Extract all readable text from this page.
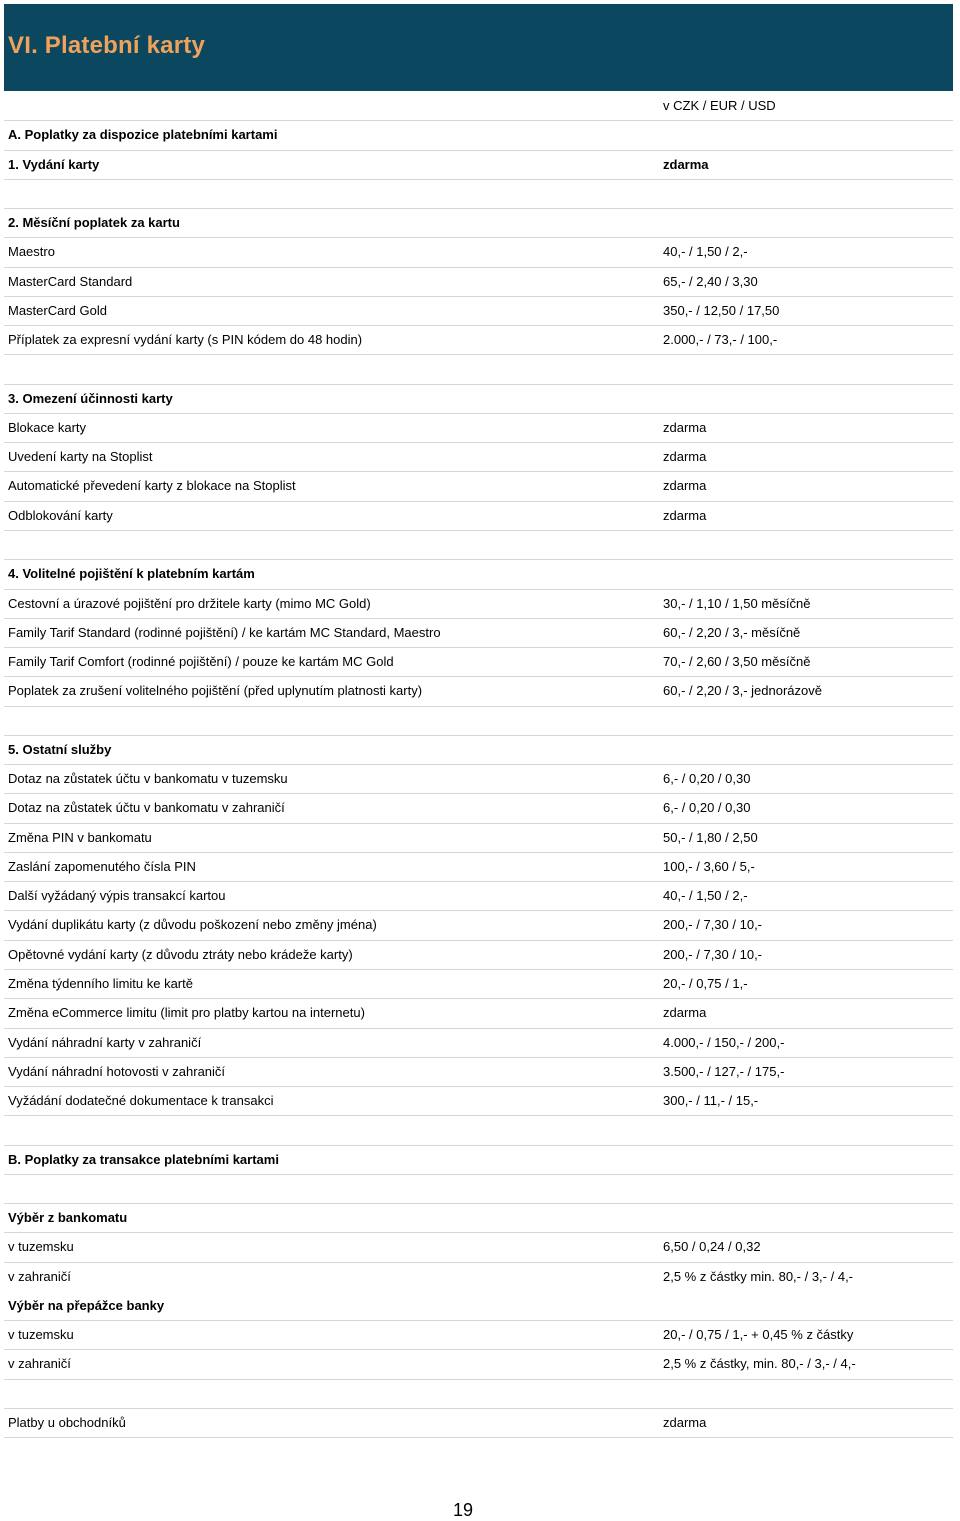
VI. Platební karty
v CZK / EUR / USD
A. Poplatky za dispozice platebními kartami
1. Vydání karty	zdarma
2. Měsíční poplatek za kartu
Maestro	40,- / 1,50 / 2,-
MasterCard Standard	65,- / 2,40 / 3,30
MasterCard Gold	350,- / 12,50 / 17,50
Příplatek za expresní vydání karty (s PIN kódem do 48 hodin)	2.000,- / 73,- / 100,-
3. Omezení účinnosti karty
Blokace karty	zdarma
Uvedení karty na Stoplist	zdarma
Automatické převedení karty z blokace na Stoplist	zdarma
Odblokování karty	zdarma
4. Volitelné pojištění k platebním kartám
Cestovní a úrazové pojištění pro držitele karty (mimo MC Gold)	30,- / 1,10 / 1,50 měsíčně
Family Tarif Standard (rodinné pojištění) / ke kartám MC Standard, Maestro	60,- / 2,20 / 3,- měsíčně
Family Tarif Comfort (rodinné pojištění) / pouze ke kartám MC Gold	70,- / 2,60 / 3,50 měsíčně
Poplatek za zrušení volitelného pojištění (před uplynutím platnosti karty)	60,- / 2,20 / 3,- jednorázově
5. Ostatní služby
Dotaz na zůstatek účtu v bankomatu v tuzemsku	6,- / 0,20 / 0,30
Dotaz na zůstatek účtu v bankomatu v zahraničí	6,- / 0,20 / 0,30
Změna PIN v bankomatu	50,- / 1,80 / 2,50
Zaslání zapomenutého čísla PIN	100,- / 3,60 / 5,-
Další vyžádaný výpis transakcí kartou	40,- / 1,50 / 2,-
Vydání duplikátu karty (z důvodu poškození nebo změny jména)	200,- / 7,30 / 10,-
Opětovné vydání karty (z důvodu ztráty nebo krádeže karty)	200,- / 7,30 / 10,-
Změna týdenního limitu ke kartě	20,- / 0,75 / 1,-
Změna eCommerce limitu (limit pro platby kartou na internetu)	zdarma
Vydání náhradní karty v zahraničí	4.000,- / 150,- / 200,-
Vydání náhradní hotovosti v zahraničí	3.500,- / 127,- / 175,-
Vyžádání dodatečné dokumentace k transakci	300,- / 11,- / 15,-
B. Poplatky za transakce platebními kartami
Výběr z bankomatu
v tuzemsku	6,50 / 0,24 / 0,32
v zahraničí	2,5 % z částky min. 80,- / 3,- / 4,-
Výběr na přepážce banky
v tuzemsku	20,- / 0,75 / 1,- + 0,45 % z částky
v zahraničí	2,5 % z částky, min. 80,- / 3,- / 4,-
Platby u obchodníků	zdarma
19
